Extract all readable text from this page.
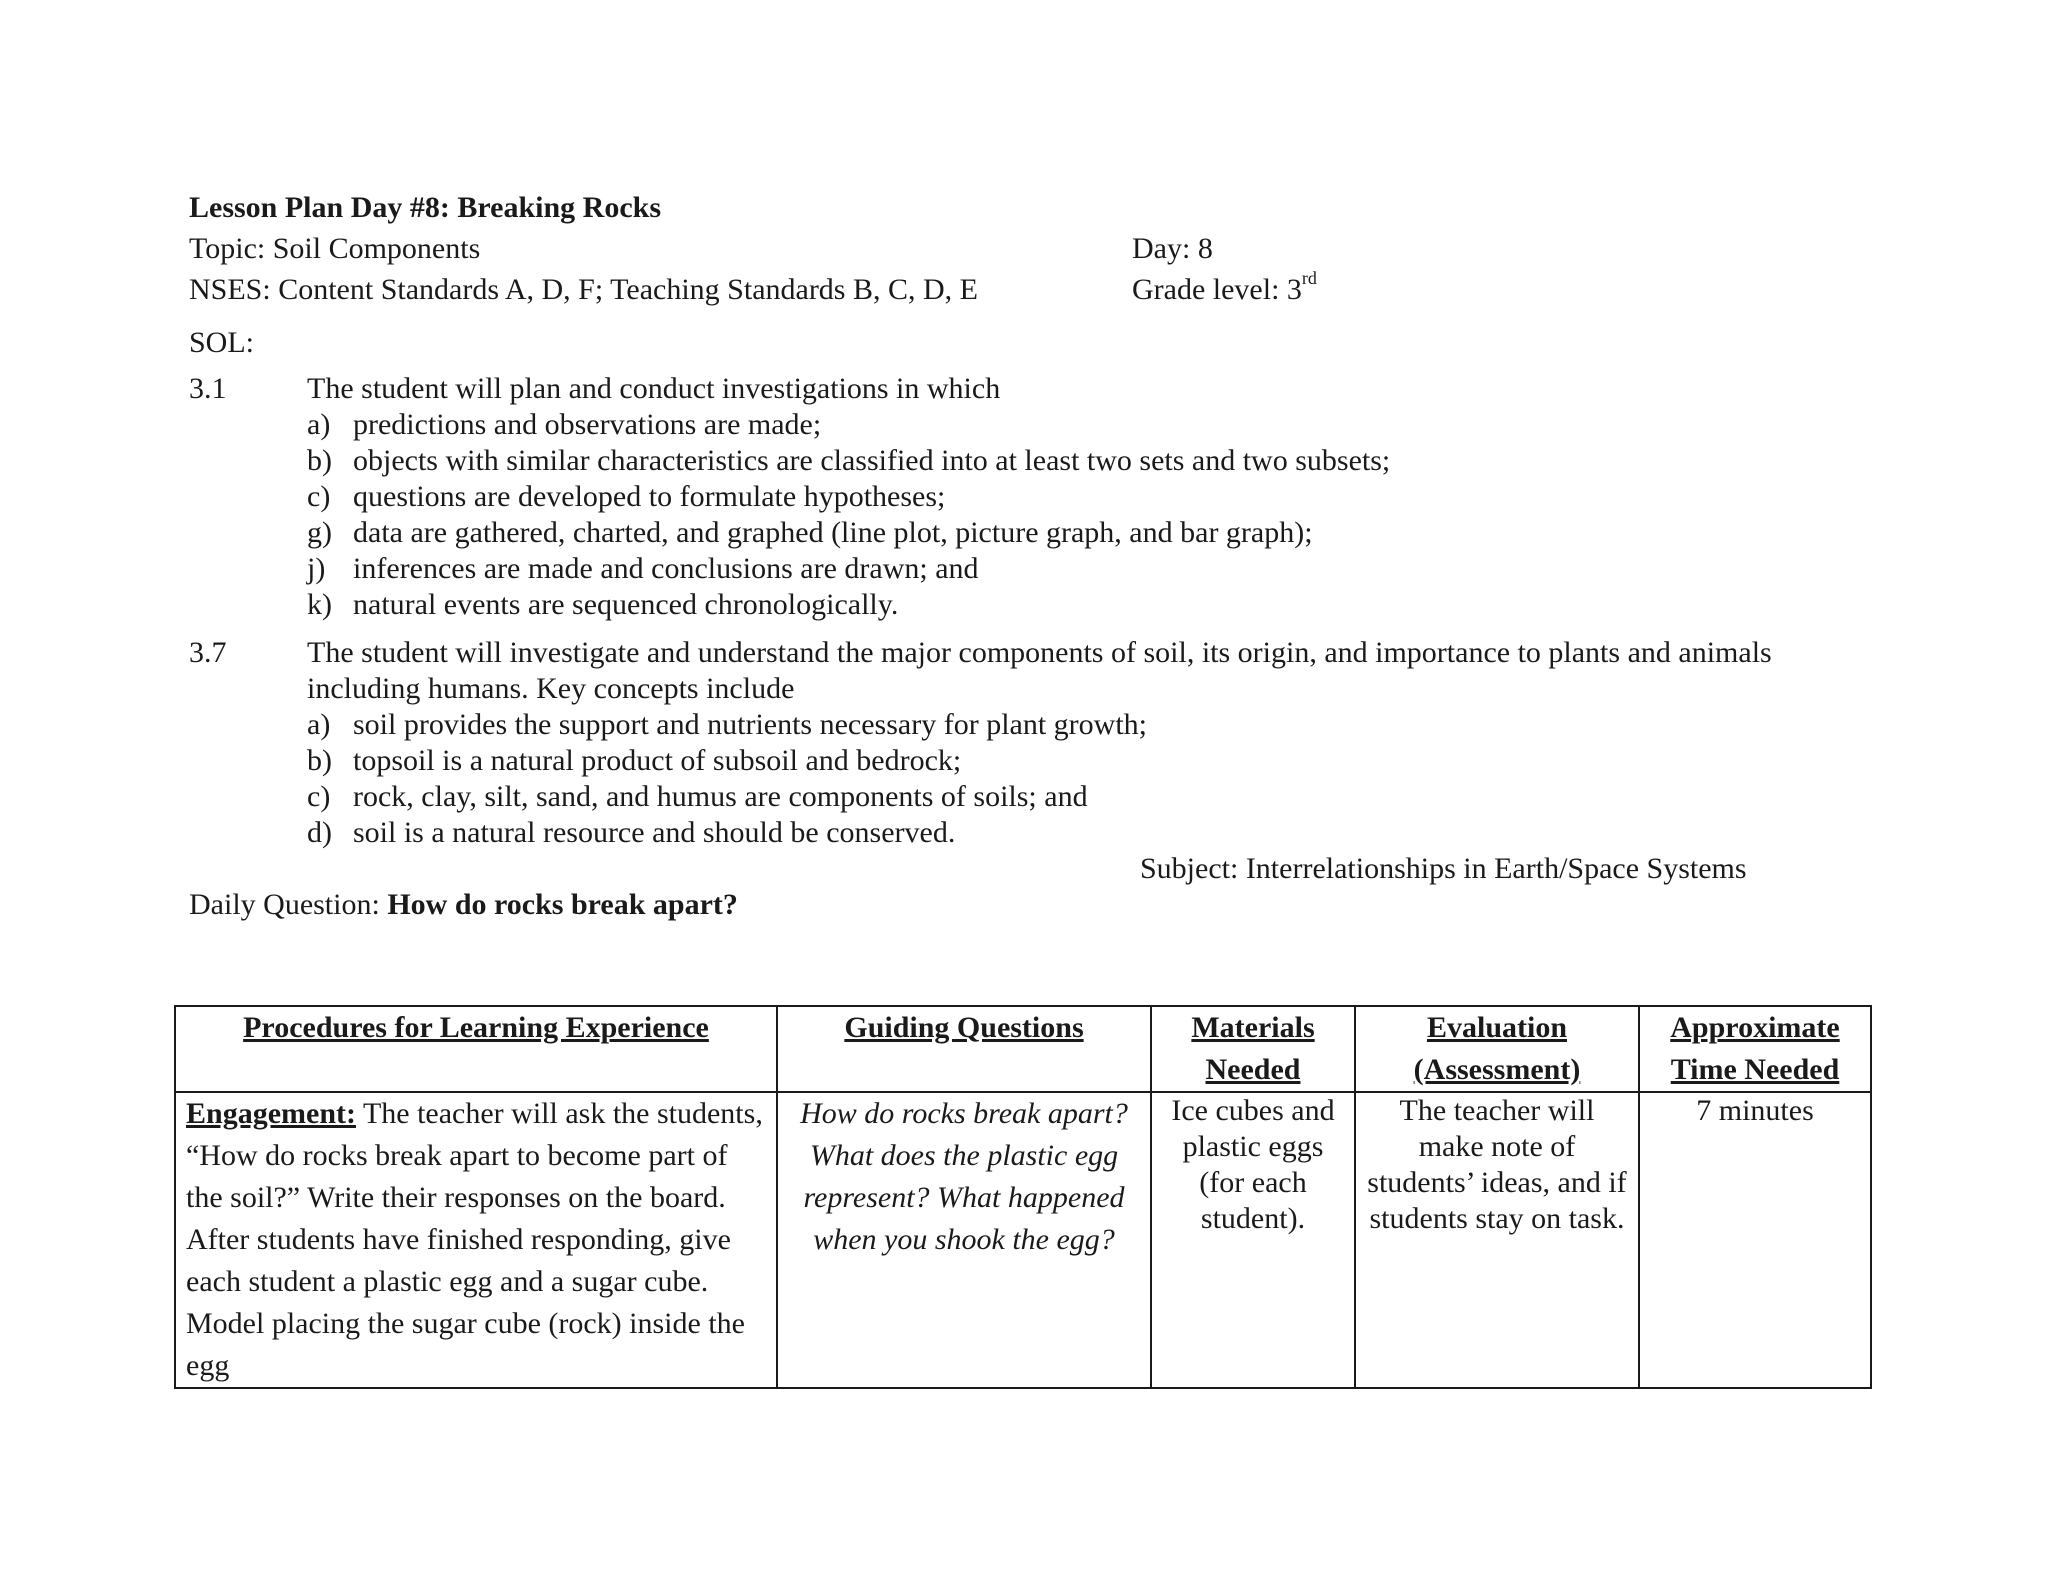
Lesson Plan Day #8: Breaking Rocks
Topic: Soil Components	Day: 8
NSES: Content Standards A, D, F; Teaching Standards B, C, D, E	Grade level: 3rd
SOL:
3.1	The student will plan and conduct investigations in which
a) predictions and observations are made;
b) objects with similar characteristics are classified into at least two sets and two subsets;
c) questions are developed to formulate hypotheses;
g) data are gathered, charted, and graphed (line plot, picture graph, and bar graph);
j) inferences are made and conclusions are drawn; and
k) natural events are sequenced chronologically.
3.7	The student will investigate and understand the major components of soil, its origin, and importance to plants and animals
including humans. Key concepts include
a) soil provides the support and nutrients necessary for plant growth;
b) topsoil is a natural product of subsoil and bedrock;
c) rock, clay, silt, sand, and humus are components of soils; and
d) soil is a natural resource and should be conserved.
Subject: Interrelationships in Earth/Space Systems
Daily Question: How do rocks break apart?
Procedures for Learning Experience	Guiding Questions	Materials Needed	Evaluation (Assessment)	Approximate Time Needed
Engagement: The teacher will ask the students, “How do rocks break apart to become part of the soil?” Write their responses on the board. After students have finished responding, give each student a plastic egg and a sugar cube. Model placing the sugar cube (rock) inside the egg	How do rocks break apart? What does the plastic egg represent? What happened when you shook the egg?	Ice cubes and plastic eggs (for each student).	The teacher will make note of students’ ideas, and if students stay on task.	7 minutes
